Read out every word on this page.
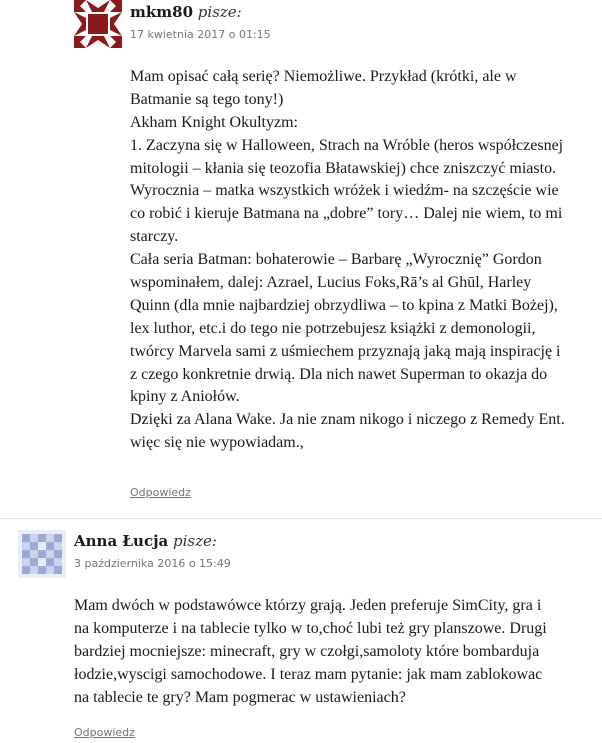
mkm80 pisze:
17 kwietnia 2017 o 01:15
Mam opisać całą serię? Niemożliwe. Przykład (krótki, ale w
Batmanie są tego tony!)
Akham Knight Okultyzm:
1. Zaczyna się w Halloween, Strach na Wróble (heros współczesnej
mitologii – kłania się teozofia Błatawskiej) chce zniszczyć miasto.
Wyrocznia – matka wszystkich wróżek i wiedźm- na szczęście wie
co robić i kieruje Batmana na „dobre” tory… Dalej nie wiem, to mi
starczy.
Cała seria Batman: bohaterowie – Barbarę „Wyrocznię” Gordon
wspominałem, dalej: Azrael, Lucius Foks,Rā’s al Ghūl, Harley
Quinn (dla mnie najbardziej obrzydliwa – to kpina z Matki Bożej),
lex luthor, etc.i do tego nie potrzebujesz książki z demonologii,
twórcy Marvela sami z uśmiechem przyznają jaką mają inspirację i
z czego konkretnie drwią. Dla nich nawet Superman to okazja do
kpiny z Aniołów.
Dzięki za Alana Wake. Ja nie znam nikogo i niczego z Remedy Ent.
więc się nie wypowiadam.,
Odpowiedz
Anna Łucja pisze:
3 października 2016 o 15:49
Mam dwóch w podstawówce którzy grają. Jeden preferuje SimCity, gra i
na komputerze i na tablecie tylko w to,choć lubi też gry planszowe. Drugi
bardziej mocniejsze: minecraft, gry w czołgi,samoloty które bombarduja
łodzie,wyscigi samochodowe. I teraz mam pytanie: jak mam zablokowac
na tablecie te gry? Mam pogmerac w ustawieniach?
Odpowiedz
